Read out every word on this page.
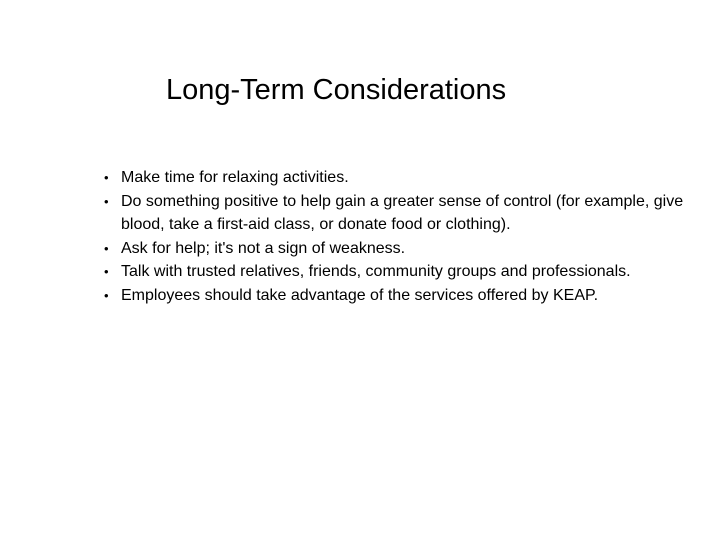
Long-Term Considerations
• Make time for relaxing activities.
• Do something positive to help gain a greater sense of control (for example, give blood, take a first-aid class, or donate food or clothing).
• Ask for help; it's not a sign of weakness.
• Talk with trusted relatives, friends, community groups and professionals.
• Employees should take advantage of the services offered by KEAP.
